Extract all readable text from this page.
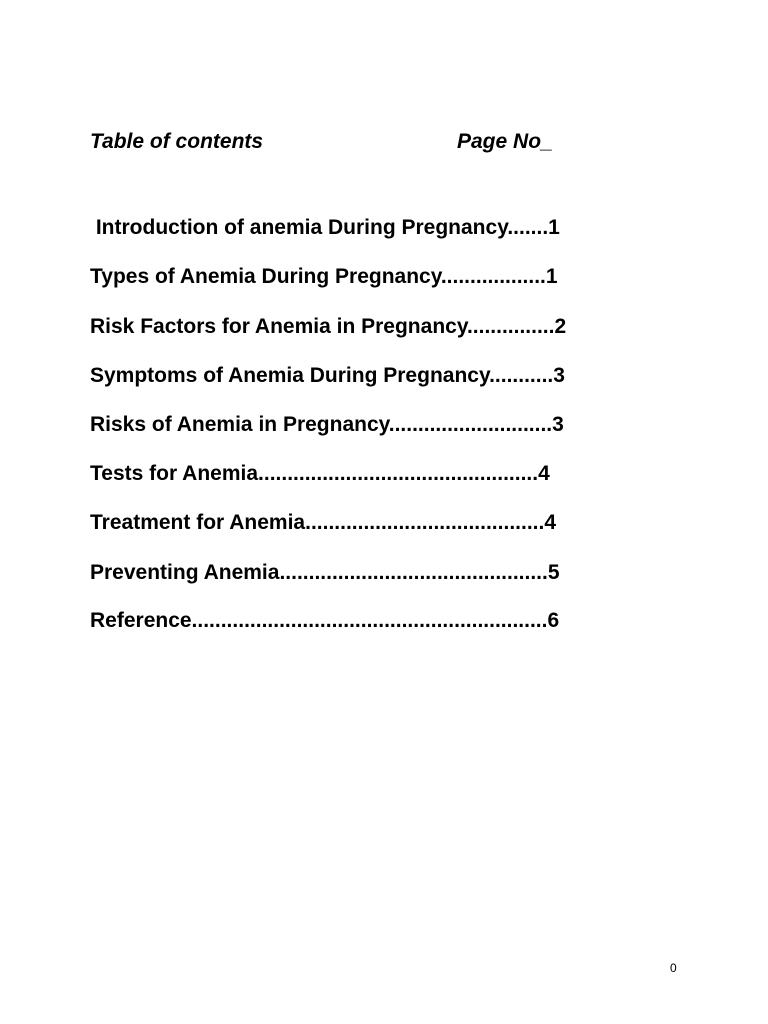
Table of contents

	Page No_

Introduction of anemia During Pregnancy.......1
Types of Anemia During Pregnancy..................1
Risk Factors for Anemia in Pregnancy...............2
Symptoms of Anemia During Pregnancy...........3
Risks of Anemia in Pregnancy............................3
Tests for Anemia................................................4
Treatment for Anemia.........................................4
Preventing Anemia..............................................5
Reference.............................................................6
0
